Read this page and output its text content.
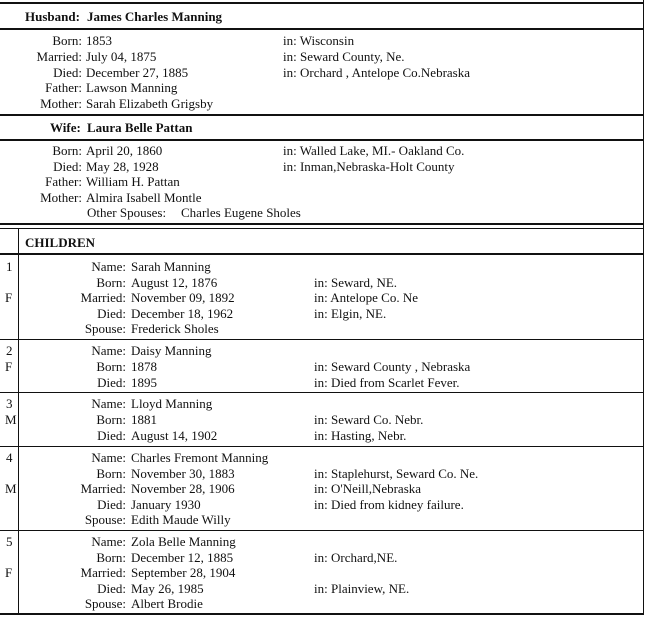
Husband: James Charles Manning
Born: 1853	in: Wisconsin
Married: July 04, 1875	in: Seward County, Ne.
Died: December 27, 1885	in: Orchard , Antelope Co.Nebraska
Father: Lawson Manning
Mother: Sarah Elizabeth Grigsby
Wife: Laura Belle Pattan
Born: April 20, 1860	in: Walled Lake, MI.- Oakland Co.
Died: May 28, 1928	in: Inman,Nebraska-Holt County
Father: William H. Pattan
Mother: Almira Isabell Montle
Other Spouses: Charles Eugene Sholes
CHILDREN
1
F
Name: Sarah Manning
Born: August 12, 1876	in: Seward, NE.
Married: November 09, 1892	in: Antelope Co. Ne
Died: December 18, 1962	in: Elgin, NE.
Spouse: Frederick Sholes
2
F
Name: Daisy Manning
Born: 1878	in: Seward County , Nebraska
Died: 1895	in: Died from Scarlet Fever.
3
M
Name: Lloyd Manning
Born: 1881	in: Seward Co. Nebr.
Died: August 14, 1902	in: Hasting, Nebr.
4
M
Name: Charles Fremont Manning
Born: November 30, 1883	in: Staplehurst, Seward Co. Ne.
Married: November 28, 1906	in: O'Neill,Nebraska
Died: January 1930	in: Died from kidney failure.
Spouse: Edith Maude Willy
5
F
Name: Zola Belle Manning
Born: December 12, 1885	in: Orchard,NE.
Married: September 28, 1904
Died: May 26, 1985	in: Plainview, NE.
Spouse: Albert Brodie
